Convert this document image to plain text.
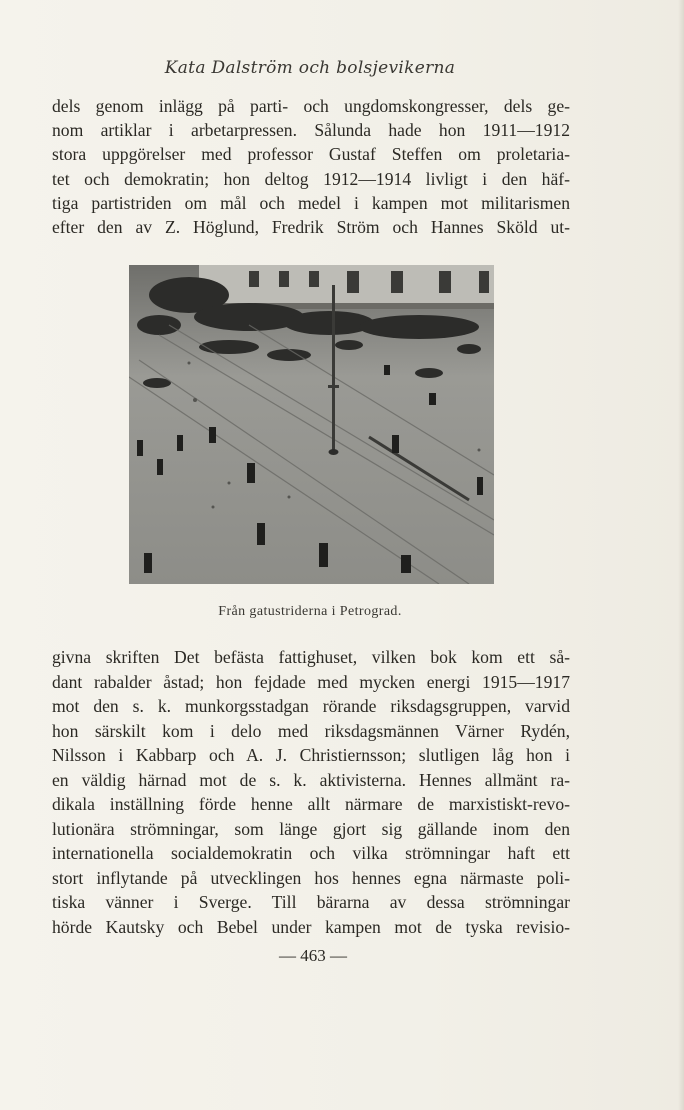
Kata Dalström och bolsjevikerna
dels genom inlägg på parti- och ungdomskongresser, dels ge-
nom artiklar i arbetarpressen. Sålunda hade hon 1911—1912
stora uppgörelser med professor Gustaf Steffen om proletaria-
tet och demokratin; hon deltog 1912—1914 livligt i den häf-
tiga partistriden om mål och medel i kampen mot militarismen
efter den av Z. Höglund, Fredrik Ström och Hannes Sköld ut-
Från gatustriderna i Petrograd.
givna skriften Det befästa fattighuset, vilken bok kom ett så-
dant rabalder åstad; hon fejdade med mycken energi 1915—1917
mot den s. k. munkorgsstadgan rörande riksdagsgruppen, varvid
hon särskilt kom i delo med riksdagsmännen Värner Rydén,
Nilsson i Kabbarp och A. J. Christiernsson; slutligen låg hon i
en väldig härnad mot de s. k. aktivisterna. Hennes allmänt ra-
dikala inställning förde henne allt närmare de marxistiskt-revo-
lutionära strömningar, som länge gjort sig gällande inom den
internationella socialdemokratin och vilka strömningar haft ett
stort inflytande på utvecklingen hos hennes egna närmaste poli-
tiska vänner i Sverge. Till bärarna av dessa strömningar
hörde Kautsky och Bebel under kampen mot de tyska revisio-
— 463 —
